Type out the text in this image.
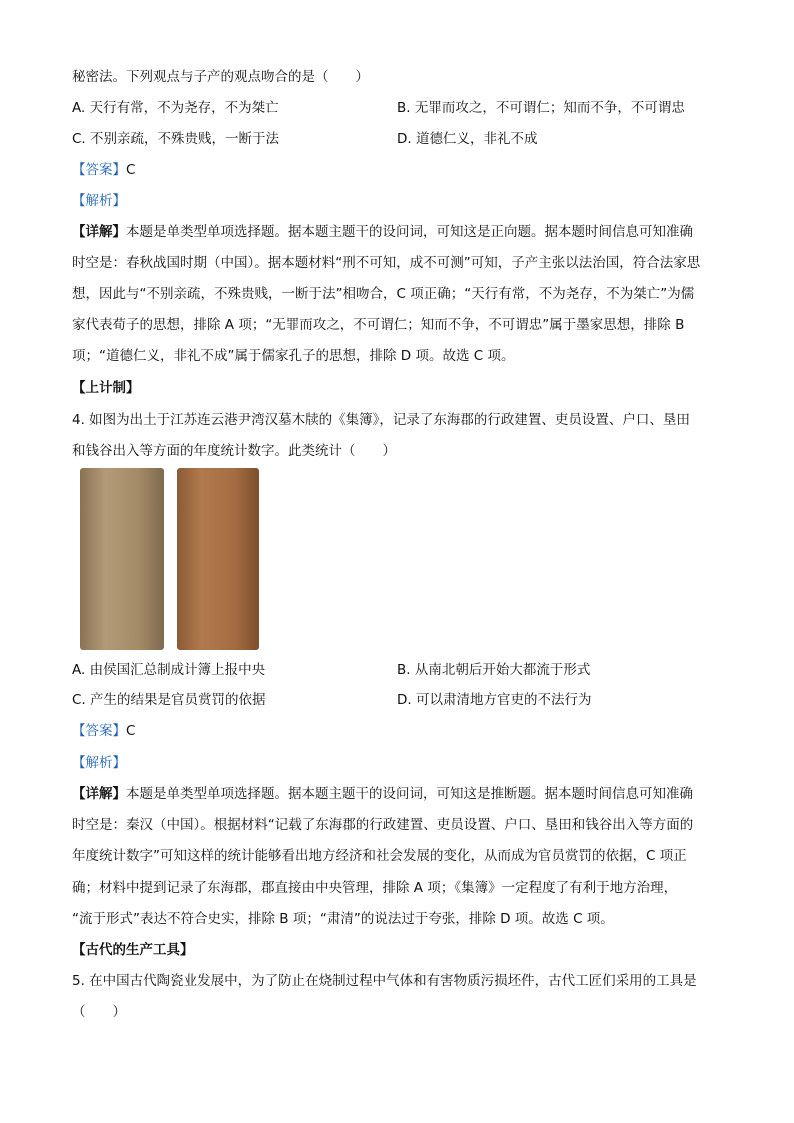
秘密法。下列观点与子产的观点吻合的是（　　）
A. 天行有常，不为尧存，不为桀亡	B. 无罪而攻之，不可谓仁；知而不争，不可谓忠
C. 不别亲疏，不殊贵贱，一断于法	D. 道德仁义，非礼不成
【答案】C
【解析】
【详解】本题是单类型单项选择题。据本题主题干的设问词，可知这是正向题。据本题时间信息可知准确
时空是：春秋战国时期（中国）。据本题材料“刑不可知，成不可测”可知，子产主张以法治国，符合法家思
想，因此与“不别亲疏，不殊贵贱，一断于法”相吻合，C 项正确；“天行有常，不为尧存，不为桀亡”为儒
家代表荀子的思想，排除 A 项；“无罪而攻之，不可谓仁；知而不争，不可谓忠”属于墨家思想，排除 B
项；“道德仁义，非礼不成”属于儒家孔子的思想，排除 D 项。故选 C 项。
【上计制】
4. 如图为出土于江苏连云港尹湾汉墓木牍的《集簿》，记录了东海郡的行政建置、吏员设置、户口、垦田
和钱谷出入等方面的年度统计数字。此类统计（　　）
A. 由侯国汇总制成计簿上报中央	B. 从南北朝后开始大都流于形式
C. 产生的结果是官员赏罚的依据	D. 可以肃清地方官吏的不法行为
【答案】C
【解析】
【详解】本题是单类型单项选择题。据本题主题干的设问词，可知这是推断题。据本题时间信息可知准确
时空是：秦汉（中国）。根据材料“记载了东海郡的行政建置、吏员设置、户口、垦田和钱谷出入等方面的
年度统计数字”可知这样的统计能够看出地方经济和社会发展的变化，从而成为官员赏罚的依据，C 项正
确；材料中提到记录了东海郡，郡直接由中央管理，排除 A 项；《集簿》一定程度了有利于地方治理，
“流于形式”表达不符合史实，排除 B 项；“肃清”的说法过于夸张，排除 D 项。故选 C 项。
【古代的生产工具】
5. 在中国古代陶瓷业发展中，为了防止在烧制过程中气体和有害物质污损坯件，古代工匠们采用的工具是
（　　）
